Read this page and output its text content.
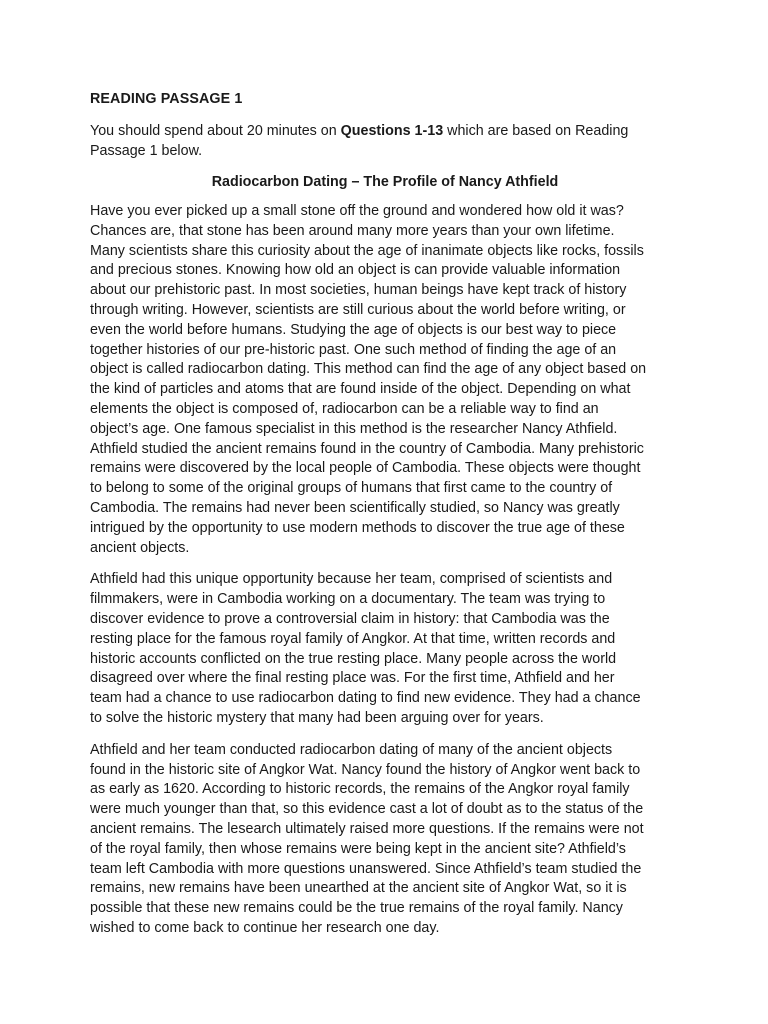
READING PASSAGE 1
You should spend about 20 minutes on Questions 1-13 which are based on Reading
Passage 1 below.
Radiocarbon Dating – The Profile of Nancy Athfield
Have you ever picked up a small stone off the ground and wondered how old it was?
Chances are, that stone has been around many more years than your own lifetime.
Many scientists share this curiosity about the age of inanimate objects like rocks, fossils
and precious stones. Knowing how old an object is can provide valuable information
about our prehistoric past. In most societies, human beings have kept track of history
through writing. However, scientists are still curious about the world before writing, or
even the world before humans. Studying the age of objects is our best way to piece
together histories of our pre-historic past. One such method of finding the age of an
object is called radiocarbon dating. This method can find the age of any object based on
the kind of particles and atoms that are found inside of the object. Depending on what
elements the object is composed of, radiocarbon can be a reliable way to find an
object’s age. One famous specialist in this method is the researcher Nancy Athfield.
Athfield studied the ancient remains found in the country of Cambodia. Many prehistoric
remains were discovered by the local people of Cambodia. These objects were thought
to belong to some of the original groups of humans that first came to the country of
Cambodia. The remains had never been scientifically studied, so Nancy was greatly
intrigued by the opportunity to use modern methods to discover the true age of these
ancient objects.
Athfield had this unique opportunity because her team, comprised of scientists and
filmmakers, were in Cambodia working on a documentary. The team was trying to
discover evidence to prove a controversial claim in history: that Cambodia was the
resting place for the famous royal family of Angkor. At that time, written records and
historic accounts conflicted on the true resting place. Many people across the world
disagreed over where the final resting place was. For the first time, Athfield and her
team had a chance to use radiocarbon dating to find new evidence. They had a chance
to solve the historic mystery that many had been arguing over for years.
Athfield and her team conducted radiocarbon dating of many of the ancient objects
found in the historic site of Angkor Wat. Nancy found the history of Angkor went back to
as early as 1620. According to historic records, the remains of the Angkor royal family
were much younger than that, so this evidence cast a lot of doubt as to the status of the
ancient remains. The lesearch ultimately raised more questions. If the remains were not
of the royal family, then whose remains were being kept in the ancient site? Athfield’s
team left Cambodia with more questions unanswered. Since Athfield’s team studied the
remains, new remains have been unearthed at the ancient site of Angkor Wat, so it is
possible that these new remains could be the true remains of the royal family. Nancy
wished to come back to continue her research one day.
